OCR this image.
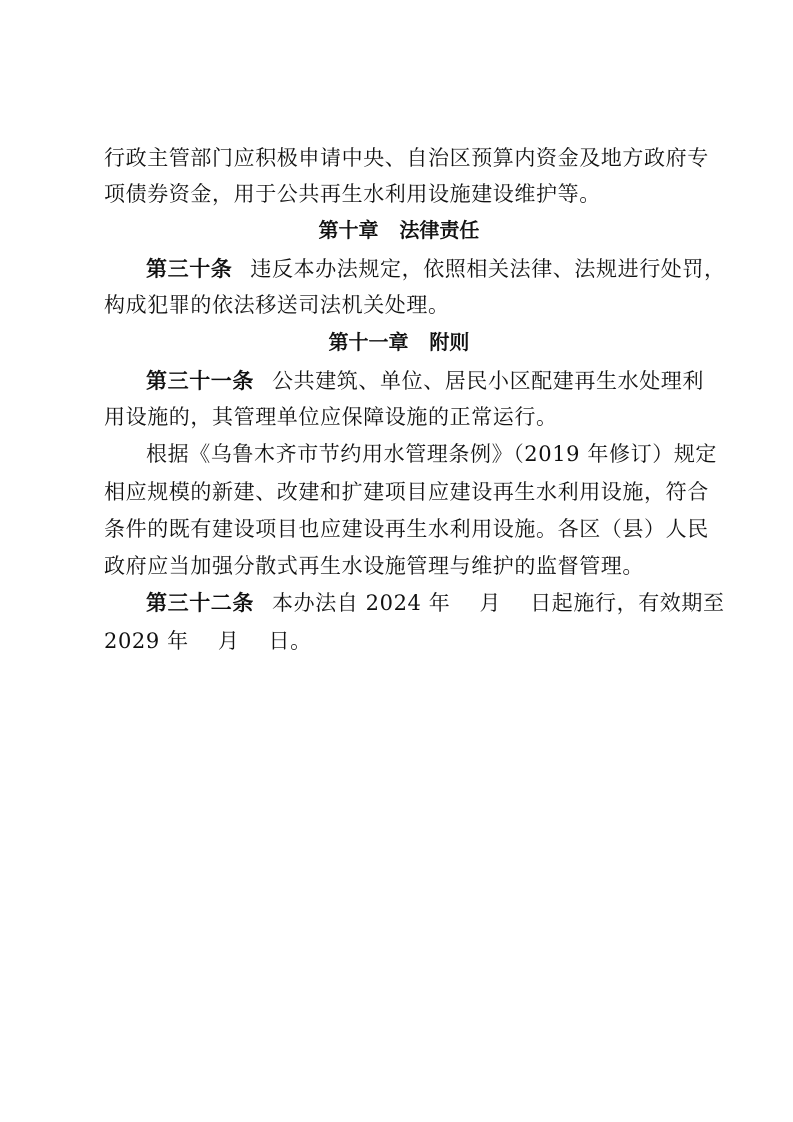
行政主管部门应积极申请中央、自治区预算内资金及地方政府专
项债券资金，用于公共再生水利用设施建设维护等。
第十章   法律责任
第三十条 违反本办法规定，依照相关法律、法规进行处罚，
构成犯罪的依法移送司法机关处理。
第十一章   附则
第三十一条 公共建筑、单位、居民小区配建再生水处理利
用设施的，其管理单位应保障设施的正常运行。
根据《乌鲁木齐市节约用水管理条例》（2019 年修订）规定
相应规模的新建、改建和扩建项目应建设再生水利用设施，符合
条件的既有建设项目也应建设再生水利用设施。各区（县）人民
政府应当加强分散式再生水设施管理与维护的监督管理。
第三十二条 本办法自 2024 年    月    日起施行，有效期至
2029 年    月    日。
